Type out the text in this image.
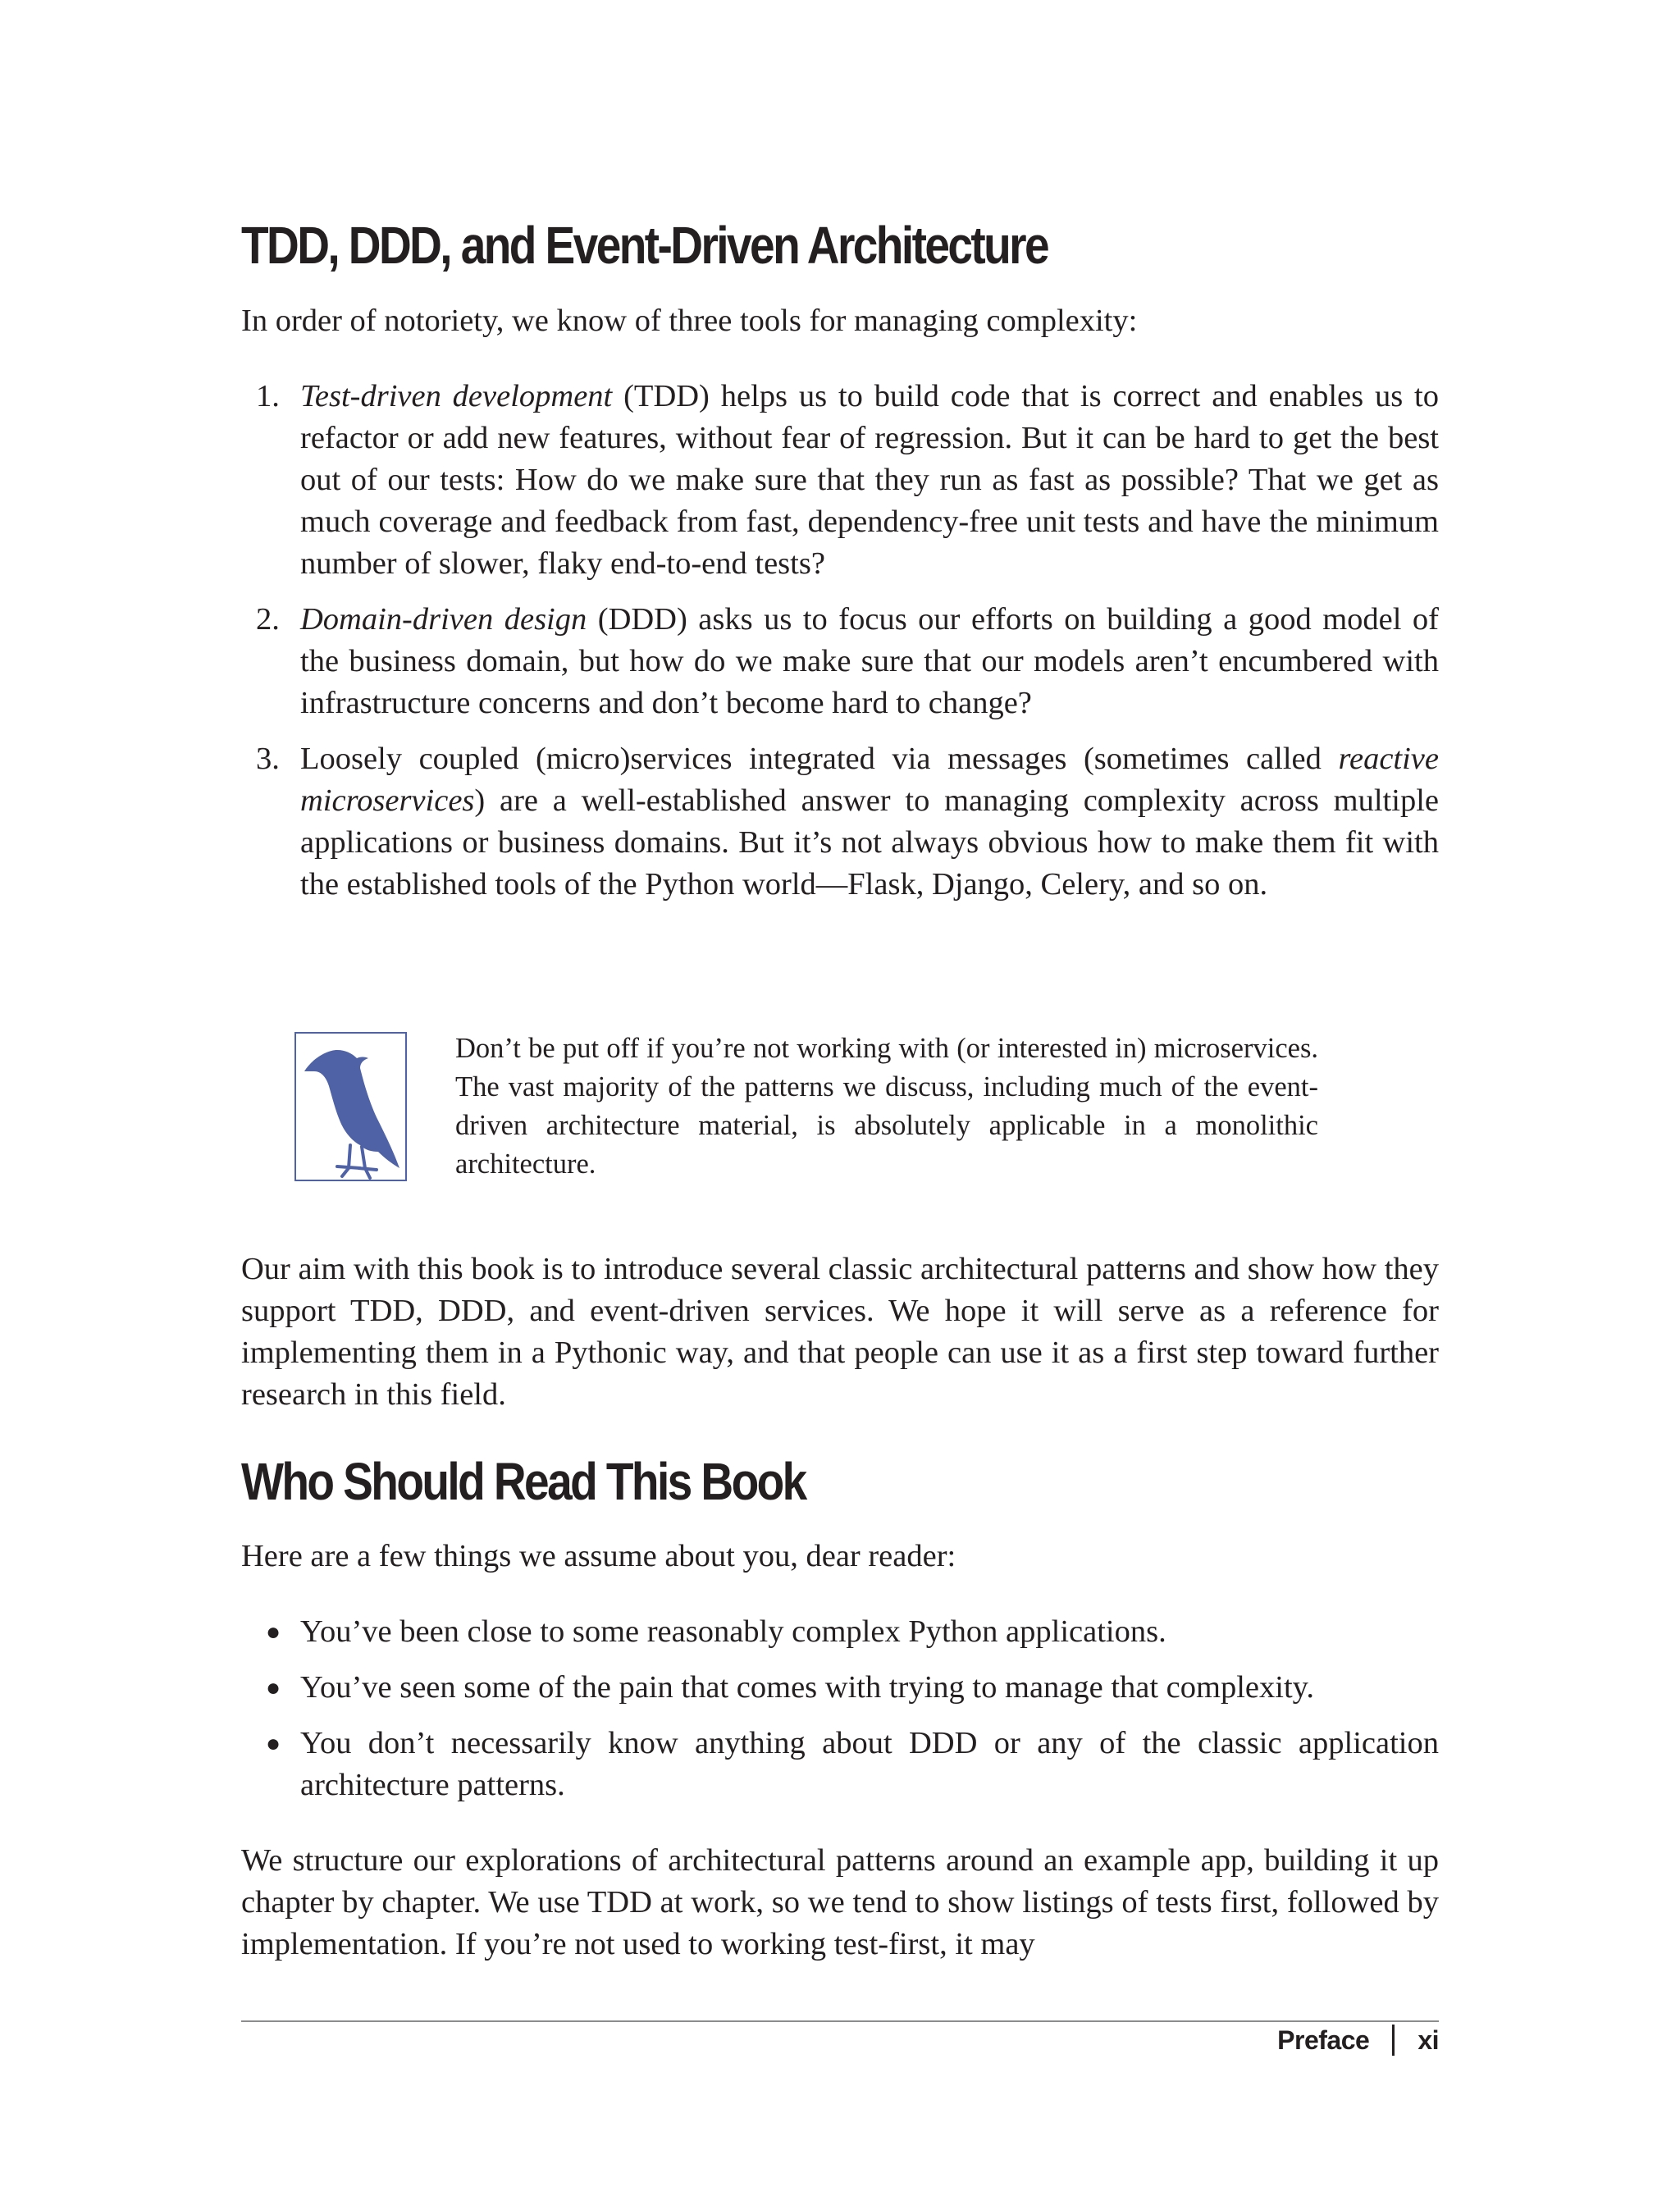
TDD, DDD, and Event-Driven Architecture

In order of notoriety, we know of three tools for managing complexity:

1. Test-driven development (TDD) helps us to build code that is correct and enables us to refactor or add new features, without fear of regression. But it can be hard to get the best out of our tests: How do we make sure that they run as fast as possible? That we get as much coverage and feedback from fast, dependency-free unit tests and have the minimum number of slower, flaky end-to-end tests?
2. Domain-driven design (DDD) asks us to focus our efforts on building a good model of the business domain, but how do we make sure that our models aren’t encumbered with infrastructure concerns and don’t become hard to change?
3. Loosely coupled (micro)services integrated via messages (sometimes called reactive microservices) are a well-established answer to managing complexity across multiple applications or business domains. But it’s not always obvious how to make them fit with the established tools of the Python world—Flask, Django, Celery, and so on.

Don’t be put off if you’re not working with (or interested in) microservices. The vast majority of the patterns we discuss, including much of the event-driven architecture material, is absolutely applicable in a monolithic architecture.

Our aim with this book is to introduce several classic architectural patterns and show how they support TDD, DDD, and event-driven services. We hope it will serve as a reference for implementing them in a Pythonic way, and that people can use it as a first step toward further research in this field.

Who Should Read This Book

Here are a few things we assume about you, dear reader:

● You’ve been close to some reasonably complex Python applications.
● You’ve seen some of the pain that comes with trying to manage that complexity.
● You don’t necessarily know anything about DDD or any of the classic application architecture patterns.

We structure our explorations of architectural patterns around an example app, building it up chapter by chapter. We use TDD at work, so we tend to show listings of tests first, followed by implementation. If you’re not used to working test-first, it may

Preface xi
